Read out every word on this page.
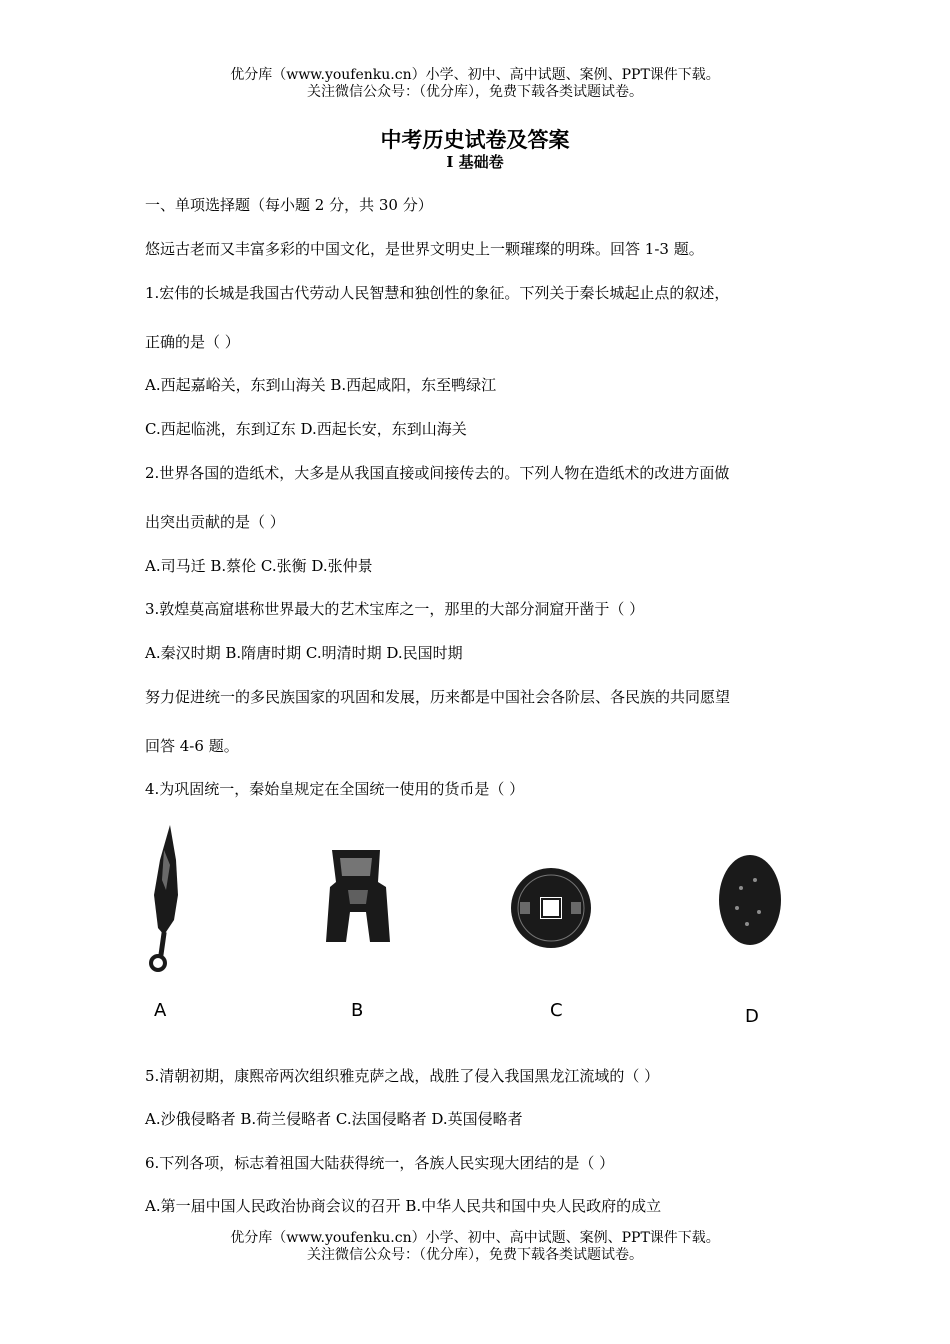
优分库（www.youfenku.cn）小学、初中、高中试题、案例、PPT课件下载。
关注微信公众号：（优分库），免费下载各类试题试卷。
中考历史试卷及答案
I 基础卷
一、单项选择题（每小题 2 分，共 30 分）
悠远古老而又丰富多彩的中国文化，是世界文明史上一颗璀璨的明珠。回答 1-3 题。
1.宏伟的长城是我国古代劳动人民智慧和独创性的象征。下列关于秦长城起止点的叙述，
正确的是（ ）
A.西起嘉峪关，东到山海关 B.西起咸阳，东至鸭绿江
C.西起临洮，东到辽东 D.西起长安，东到山海关
2.世界各国的造纸术，大多是从我国直接或间接传去的。下列人物在造纸术的改进方面做
出突出贡献的是（ ）
A.司马迁 B.蔡伦 C.张衡 D.张仲景
3.敦煌莫高窟堪称世界最大的艺术宝库之一，那里的大部分洞窟开凿于（ ）
A.秦汉时期 B.隋唐时期 C.明清时期 D.民国时期
努力促进统一的多民族国家的巩固和发展，历来都是中国社会各阶层、各民族的共同愿望
回答 4-6 题。
4.为巩固统一，秦始皇规定在全国统一使用的货币是（ ）
A	B	C	D
5.清朝初期，康熙帝两次组织雅克萨之战，战胜了侵入我国黑龙江流域的（ ）
A.沙俄侵略者 B.荷兰侵略者 C.法国侵略者 D.英国侵略者
6.下列各项，标志着祖国大陆获得统一，各族人民实现大团结的是（ ）
A.第一届中国人民政治协商会议的召开 B.中华人民共和国中央人民政府的成立
优分库（www.youfenku.cn）小学、初中、高中试题、案例、PPT课件下载。
关注微信公众号：（优分库），免费下载各类试题试卷。
